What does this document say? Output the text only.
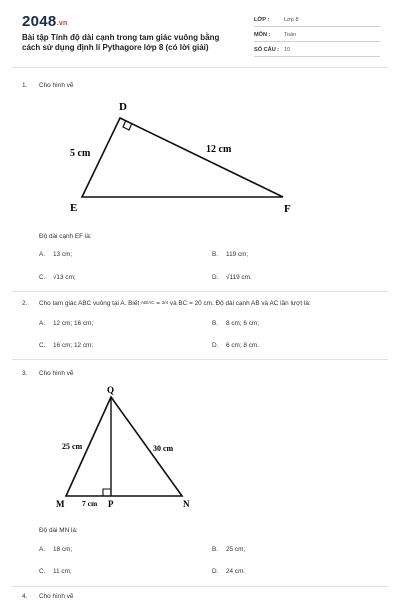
2048.vn
Bài tập Tính độ dài cạnh trong tam giác vuông bằng cách sử dụng định lí Pythagore lớp 8 (có lời giải)
LỚP :	Lớp 8
MÔN : Toán
SỐ CÂU : 10
1. Cho hình vẽ
D
E	F
5 cm	12 cm
Độ dài cạnh EF là:
A. 13 cm;	B. 119 cm;
C. √13 cm;	D. √119 cm.
2. Cho tam giác ABC vuông tại A. Biết AB/AC = 3/4 và BC = 20 cm. Độ dài cạnh AB và AC lần lượt là:
A. 12 cm; 16 cm;	B. 8 cm; 6 cm;
C. 16 cm; 12 cm;	D. 6 cm; 8 cm.
3. Cho hình vẽ
Q
M	P	N
25 cm	30 cm
7 cm
Độ dài MN là:
A. 18 cm;	B. 25 cm;
C. 11 cm;	D. 24 cm.
4. Cho hình vẽ
